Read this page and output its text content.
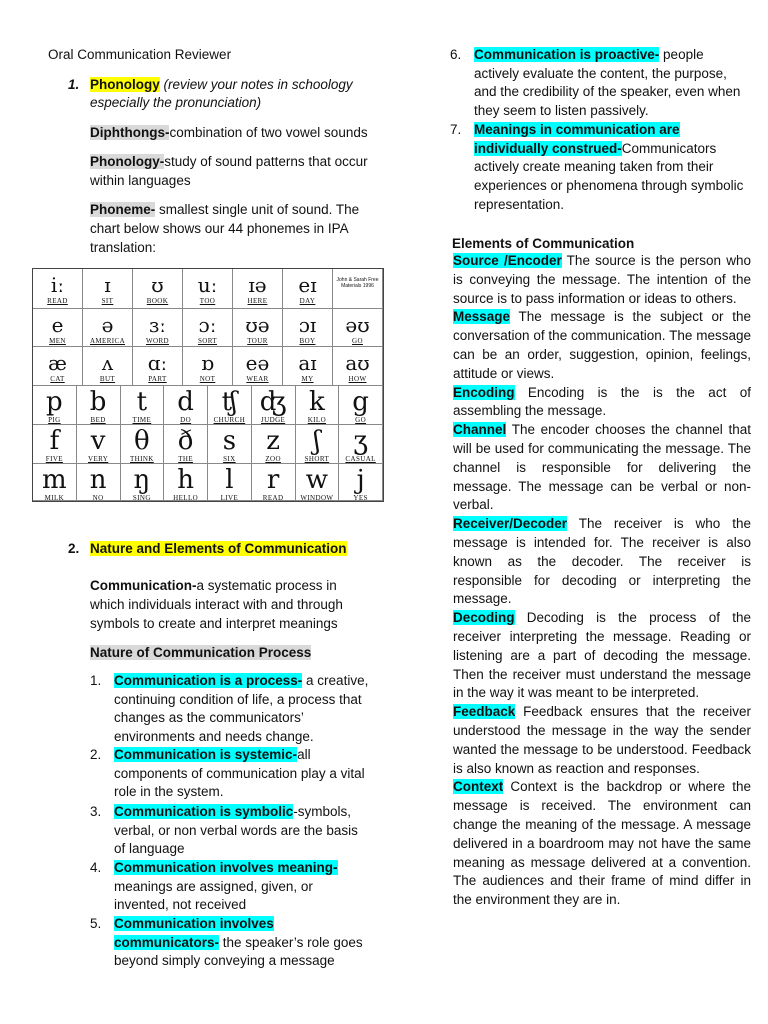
Oral Communication Reviewer
1. Phonology (review your notes in schoology especially the pronunciation)
Diphthongs-combination of two vowel sounds
Phonology-study of sound patterns that occur within languages
Phoneme- smallest single unit of sound. The chart below shows our 44 phonemes in IPA translation:
iː
READ
ɪ
SIT
ʊ
BOOK
uː
TOO
ɪə
HERE
eɪ
DAY
John & Sarah Free Materials 1996
e
MEN
ə
AMERICA
ɜː
WORD
ɔː
SORT
ʊə
TOUR
ɔɪ
BOY
əʊ
GO
æ
CAT
ʌ
BUT
ɑː
PART
ɒ
NOT
eə
WEAR
aɪ
MY
aʊ
HOW
p
PIG
b
BED
t
TIME
d
DO
ʧ
CHURCH
ʤ
JUDGE
k
KILO
g
GO
f
FIVE
v
VERY
θ
THINK
ð
THE
s
SIX
z
ZOO
ʃ
SHORT
ʒ
CASUAL
m
MILK
n
NO
ŋ
SING
h
HELLO
l
LIVE
r
READ
w
WINDOW
j
YES
2. Nature and Elements of Communication
Communication-a systematic process in which individuals interact with and through symbols to create and interpret meanings
Nature of Communication Process
1. Communication is a process- a creative, continuing condition of life, a process that changes as the communicators’ environments and needs change.
2. Communication is systemic-all components of communication play a vital role in the system.
3. Communication is symbolic-symbols, verbal, or non verbal words are the basis of language
4. Communication involves meaning- meanings are assigned, given, or invented, not received
5. Communication involves communicators- the speaker’s role goes beyond simply conveying a message
6. Communication is proactive- people actively evaluate the content, the purpose, and the credibility of the speaker, even when they seem to listen passively.
7. Meanings in communication are individually construed-Communicators actively create meaning taken from their experiences or phenomena through symbolic representation.
Elements of Communication
Source /Encoder The source is the person who is conveying the message. The intention of the source is to pass information or ideas to others.
Message The message is the subject or the conversation of the communication. The message can be an order, suggestion, opinion, feelings, attitude or views.
Encoding Encoding is the is the act of assembling the message.
Channel The encoder chooses the channel that will be used for communicating the message. The channel is responsible for delivering the message. The message can be verbal or non-verbal.
Receiver/Decoder The receiver is who the message is intended for. The receiver is also known as the decoder. The receiver is responsible for decoding or interpreting the message.
Decoding Decoding is the process of the receiver interpreting the message. Reading or listening are a part of decoding the message. Then the receiver must understand the message in the way it was meant to be interpreted.
Feedback Feedback ensures that the receiver understood the message in the way the sender wanted the message to be understood. Feedback is also known as reaction and responses.
Context Context is the backdrop or where the message is received. The environment can change the meaning of the message. A message delivered in a boardroom may not have the same meaning as message delivered at a convention. The audiences and their frame of mind differ in the environment they are in.
